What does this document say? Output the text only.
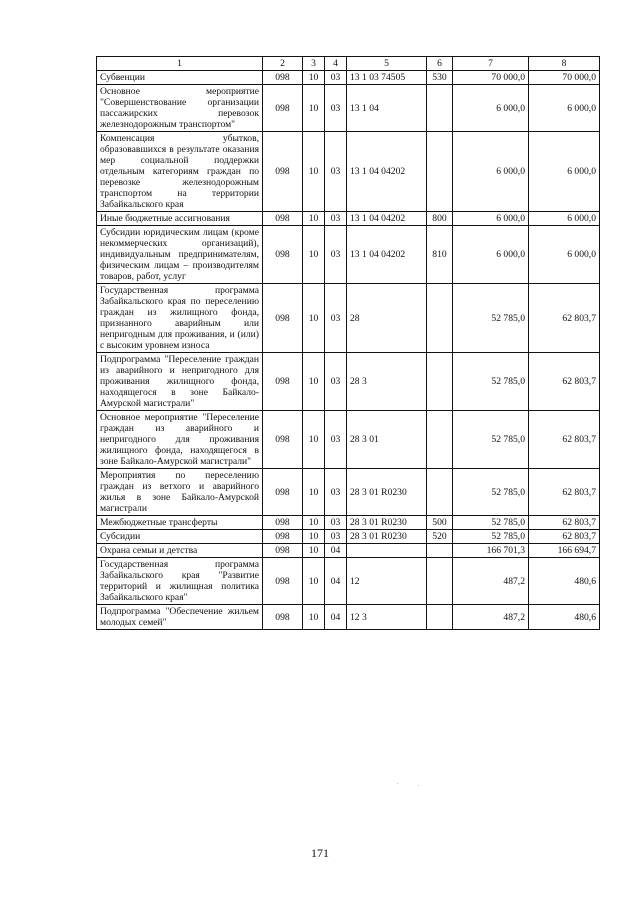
1	2	3	4	5	6	7	8
Субвенции	098	10	03	13 1 03 74505	530	70 000,0	70 000,0
Основное мероприятие "Совершенствование организации пассажирских перевозок железнодорожным транспортом"	098	10	03	13 1 04		6 000,0	6 000,0
Компенсация убытков, образовавшихся в результате оказания мер социальной поддержки отдельным категориям граждан по перевозке железнодорожным транспортом на территории Забайкальского края	098	10	03	13 1 04 04202		6 000,0	6 000,0
Иные бюджетные ассигнования	098	10	03	13 1 04 04202	800	6 000,0	6 000,0
Субсидии юридическим лицам (кроме некоммерческих организаций), индивидуальным предпринимателям, физическим лицам – производителям товаров, работ, услуг	098	10	03	13 1 04 04202	810	6 000,0	6 000,0
Государственная программа Забайкальского края по переселению граждан из жилищного фонда, признанного аварийным или непригодным для проживания, и (или) с высоким уровнем износа	098	10	03	28		52 785,0	62 803,7
Подпрограмма "Переселение граждан из аварийного и непригодного для проживания жилищного фонда, находящегося в зоне Байкало-Амурской магистрали"	098	10	03	28 3		52 785,0	62 803,7
Основное мероприятие "Переселение граждан из аварийного и непригодного для проживания жилищного фонда, находящегося в зоне Байкало-Амурской магистрали"	098	10	03	28 3 01		52 785,0	62 803,7
Мероприятия по переселению граждан из ветхого и аварийного жилья в зоне Байкало-Амурской магистрали	098	10	03	28 3 01 R0230		52 785,0	62 803,7
Межбюджетные трансферты	098	10	03	28 3 01 R0230	500	52 785,0	62 803,7
Субсидии	098	10	03	28 3 01 R0230	520	52 785,0	62 803,7
Охрана семьи и детства	098	10	04			166 701,3	166 694,7
Государственная программа Забайкальского края "Развитие территорий и жилищная политика Забайкальского края"	098	10	04	12		487,2	480,6
Подпрограмма "Обеспечение жильем молодых семей"	098	10	04	12 3		487,2	480,6
171
